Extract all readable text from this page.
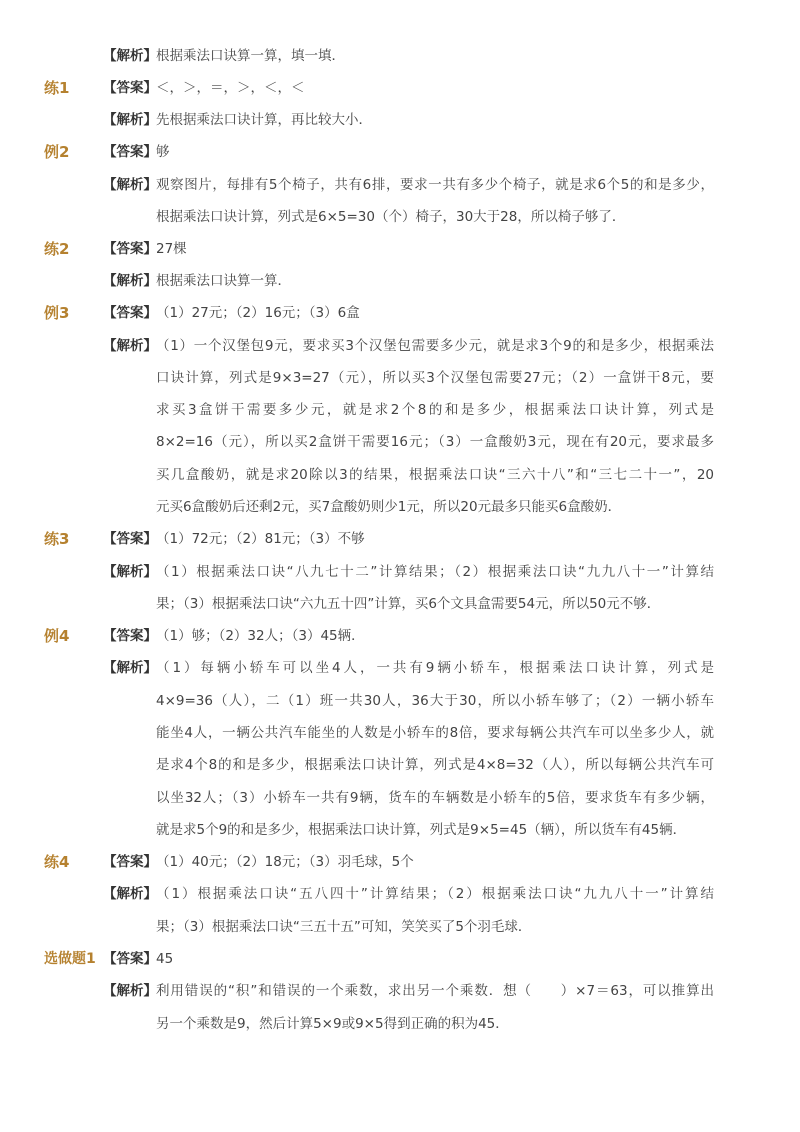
【解析】 根据乘法口诀算一算，填一填．
练1 【答案】 ＜，＞，＝，＞，＜，＜
【解析】 先根据乘法口诀计算，再比较大小．
例2 【答案】 够
【解析】 观察图片，每排有5个椅子，共有6排，要求一共有多少个椅子，就是求6个5的和是多少，
根据乘法口诀计算，列式是6×5=30（个）椅子，30大于28，所以椅子够了．
练2 【答案】 27棵
【解析】 根据乘法口诀算一算．
例3 【答案】 （1）27元；（2）16元；（3）6盒
【解析】 （1）一个汉堡包9元，要求买3个汉堡包需要多少元，就是求3个9的和是多少，根据乘法
口诀计算，列式是9×3=27（元），所以买3个汉堡包需要27元；（2）一盒饼干8元，要
求买3盒饼干需要多少元，就是求2个8的和是多少，根据乘法口诀计算，列式是
8×2=16（元），所以买2盒饼干需要16元；（3）一盒酸奶3元，现在有20元，要求最多
买几盒酸奶，就是求20除以3的结果，根据乘法口诀“三六十八”和“三七二十一”，20
元买6盒酸奶后还剩2元，买7盒酸奶则少1元，所以20元最多只能买6盒酸奶．
练3 【答案】 （1）72元；（2）81元；（3）不够
【解析】 （1）根据乘法口诀“八九七十二”计算结果；（2）根据乘法口诀“九九八十一”计算结
果；（3）根据乘法口诀“六九五十四”计算，买6个文具盒需要54元，所以50元不够．
例4 【答案】 （1）够；（2）32人；（3）45辆．
【解析】 （1）每辆小轿车可以坐4人，一共有9辆小轿车，根据乘法口诀计算，列式是
4×9=36（人），二（1）班一共30人，36大于30，所以小轿车够了；（2）一辆小轿车
能坐4人，一辆公共汽车能坐的人数是小轿车的8倍，要求每辆公共汽车可以坐多少人，就
是求4个8的和是多少，根据乘法口诀计算，列式是4×8=32（人），所以每辆公共汽车可
以坐32人；（3）小轿车一共有9辆，货车的车辆数是小轿车的5倍，要求货车有多少辆，
就是求5个9的和是多少，根据乘法口诀计算，列式是9×5=45（辆），所以货车有45辆．
练4 【答案】 （1）40元；（2）18元；（3）羽毛球，5个
【解析】 （1）根据乘法口诀“五八四十”计算结果；（2）根据乘法口诀“九九八十一”计算结
果；（3）根据乘法口诀“三五十五”可知，笑笑买了5个羽毛球．
选做题1 【答案】 45
【解析】 利用错误的“积”和错误的一个乘数，求出另一个乘数．想（　　）×7＝63，可以推算出
另一个乘数是9，然后计算5×9或9×5得到正确的积为45．
